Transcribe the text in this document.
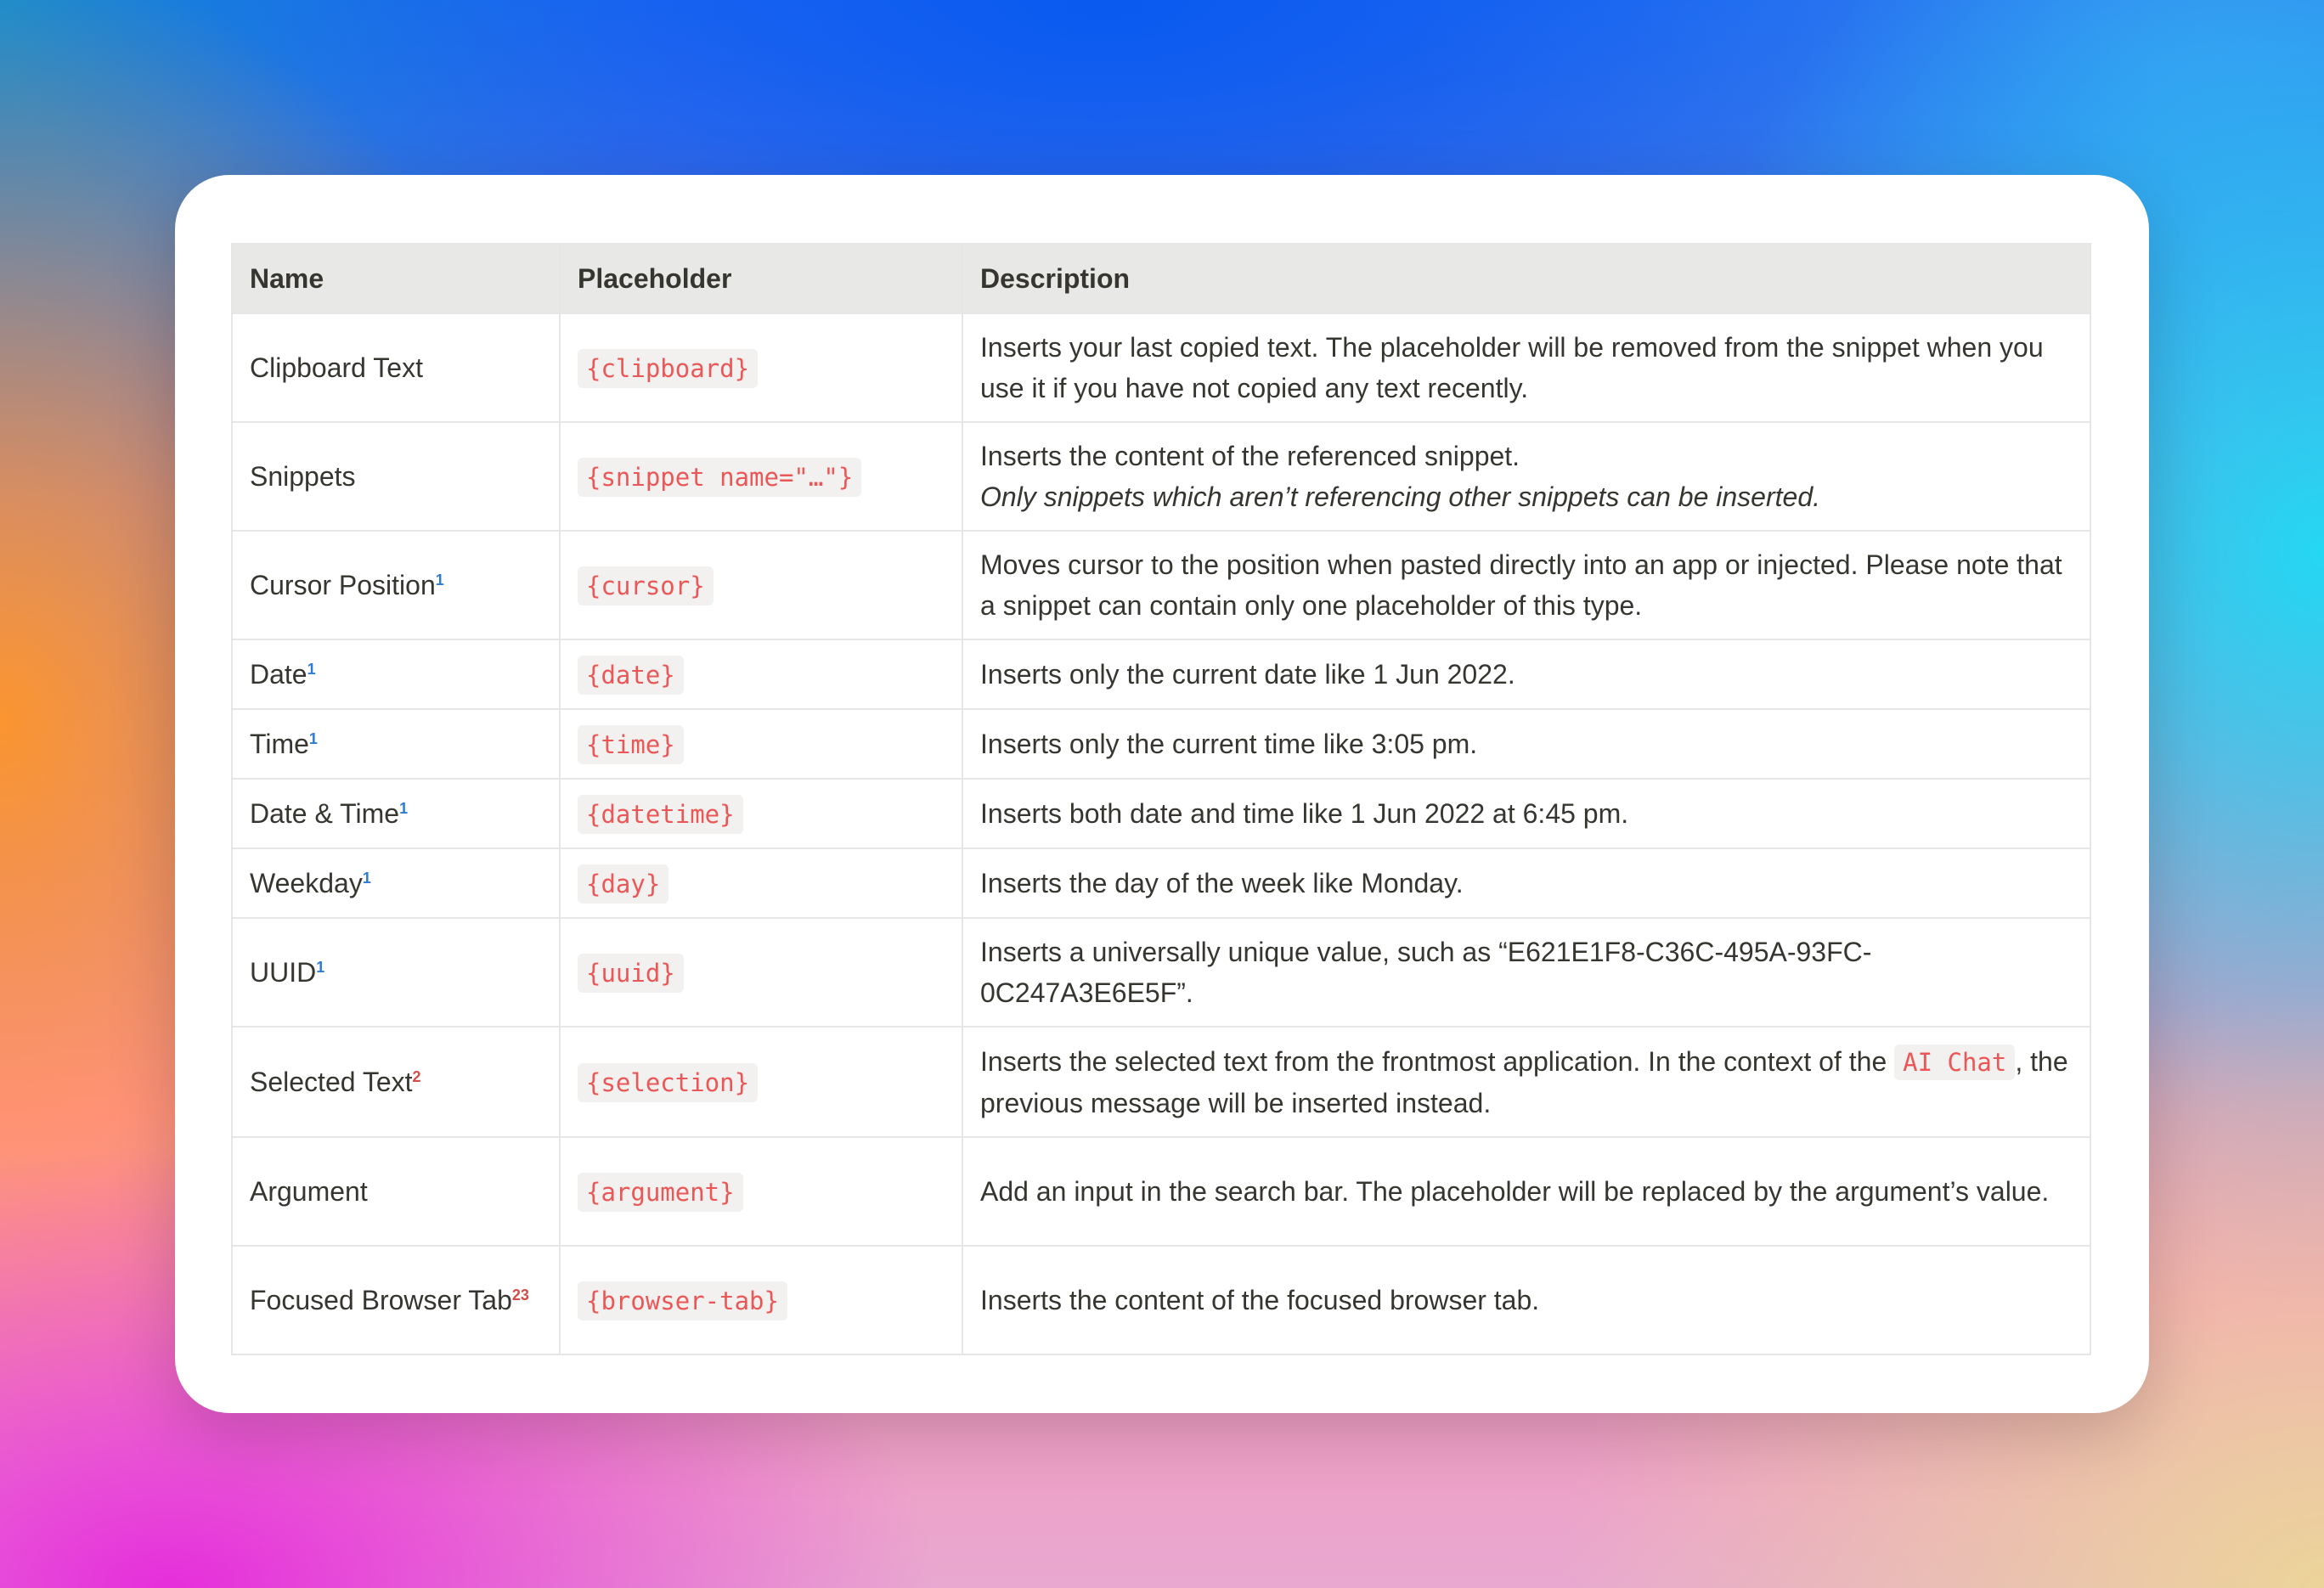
Name	Placeholder	Description
Clipboard Text	{clipboard}	Inserts your last copied text. The placeholder will be removed from the snippet when you use it if you have not copied any text recently.
Snippets	{snippet name="…"}	Inserts the content of the referenced snippet.
Only snippets which aren’t referencing other snippets can be inserted.
Cursor Position$^1$	{cursor}	Moves cursor to the position when pasted directly into an app or injected. Please note that a snippet can contain only one placeholder of this type.
Date$^1$	{date}	Inserts only the current date like 1 Jun 2022.
Time$^1$	{time}	Inserts only the current time like 3:05 pm.
Date & Time$^1$	{datetime}	Inserts both date and time like 1 Jun 2022 at 6:45 pm.
Weekday$^1$	{day}	Inserts the day of the week like Monday.
UUID$^1$	{uuid}	Inserts a universally unique value, such as “E621E1F8-C36C-495A-93FC-0C247A3E6E5F”.
Selected Text$^2$	{selection}	Inserts the selected text from the frontmost application. In the context of the AI Chat , the previous message will be inserted instead.
Argument	{argument}	Add an input in the search bar. The placeholder will be replaced by the argument’s value.
Focused Browser Tab$^{23}$	{browser-tab}	Inserts the content of the focused browser tab.
